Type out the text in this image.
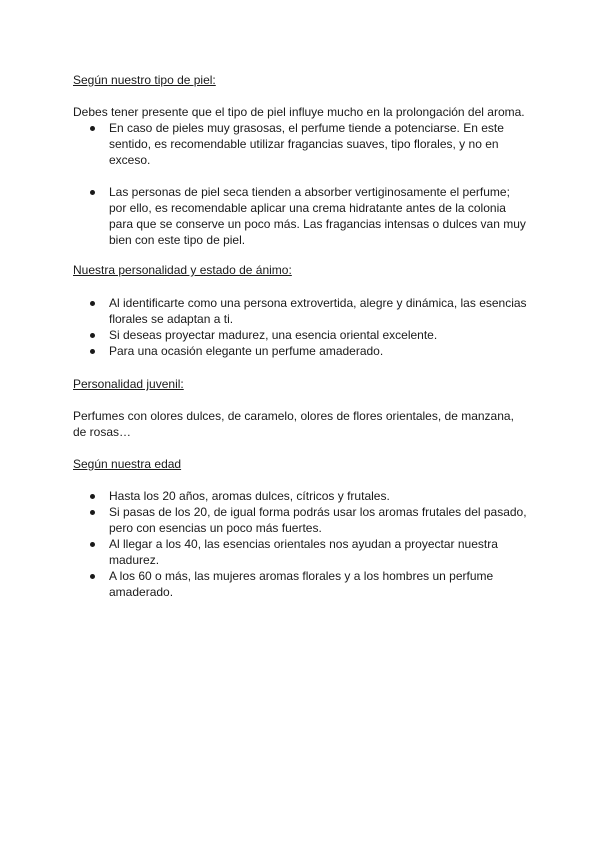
Según nuestro tipo de piel:

Debes tener presente que el tipo de piel influye mucho en la prolongación del aroma.

En caso de pieles muy grasosas, el perfume tiende a potenciarse. En este sentido, es recomendable utilizar fragancias suaves, tipo florales, y no en exceso.
Las personas de piel seca tienden a absorber vertiginosamente el perfume; por ello, es recomendable aplicar una crema hidratante antes de la colonia para que se conserve un poco más. Las fragancias intensas o dulces van muy bien con este tipo de piel.

Nuestra personalidad y estado de ánimo:

Al identificarte como una persona extrovertida, alegre y dinámica, las esencias florales se adaptan a ti.
Si deseas proyectar madurez, una esencia oriental excelente.
Para una ocasión elegante un perfume amaderado.

Personalidad juvenil:

Perfumes con olores dulces, de caramelo, olores de flores orientales, de manzana, de rosas…

Según nuestra edad

Hasta los 20 años, aromas dulces, cítricos y frutales.
Si pasas de los 20, de igual forma podrás usar los aromas frutales del pasado, pero con esencias un poco más fuertes.
Al llegar a los 40, las esencias orientales nos ayudan a proyectar nuestra madurez.
A los 60 o más, las mujeres aromas florales y a los hombres un perfume amaderado.
